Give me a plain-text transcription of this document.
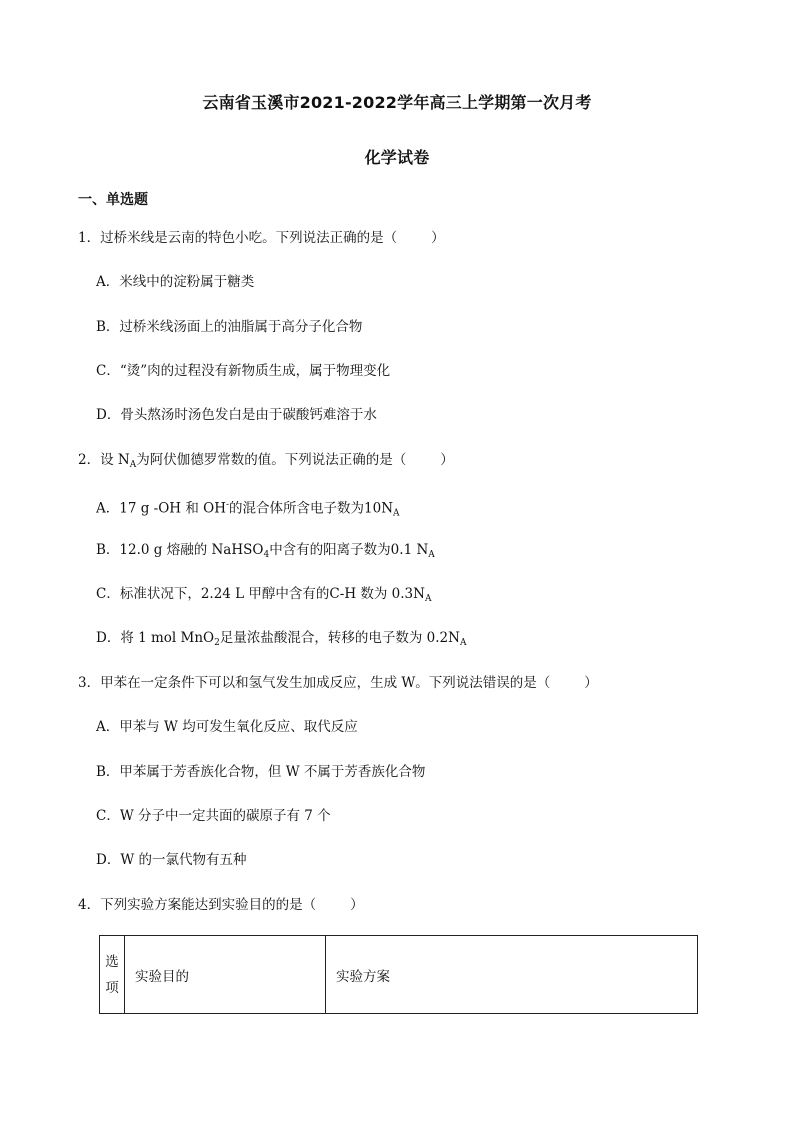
云南省玉溪市2021-2022学年高三上学期第一次月考
化学试卷
一、单选题
1．过桥米线是云南的特色小吃。下列说法正确的是（	）
A．米线中的淀粉属于糖类
B．过桥米线汤面上的油脂属于高分子化合物
C．“烫”肉的过程没有新物质生成，属于物理变化
D．骨头熬汤时汤色发白是由于碳酸钙难溶于水
2．设 $N_A$为阿伏伽德罗常数的值。下列说法正确的是（	）
A．17 g -OH 和 OH-的混合体所含电子数为$10N_A$
B．12.0 g 熔融的 NaHSO$_4$中含有的阳离子数为0.1 $N_A$
C．标准状况下，2.24 L 甲醇中含有的C-H 数为 $0.3N_A$
D．将 1 mol MnO$_2$足量浓盐酸混合，转移的电子数为 $0.2N_A$
3．甲苯在一定条件下可以和氢气发生加成反应，生成 W。下列说法错误的是（	）
A．甲苯与 W 均可发生氧化反应、取代反应
B．甲苯属于芳香族化合物，但 W 不属于芳香族化合物
C．W 分子中一定共面的碳原子有 7 个
D．W 的一氯代物有五种
4．下列实验方案能达到实验目的的是（	）
选项	实验目的	实验方案
